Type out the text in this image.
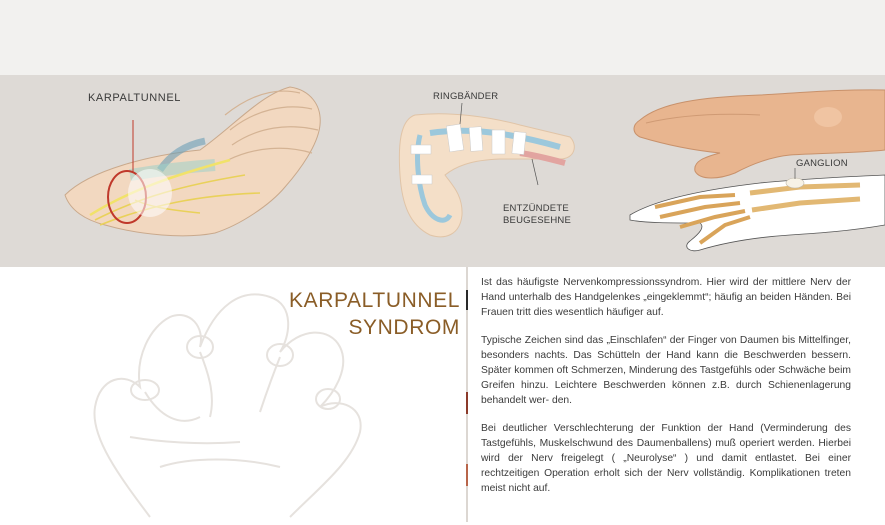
KARPALTUNNEL	RINGBÄNDER
ENTZÜNDETE
BEUGESEHNE
GANGLION
KARPALTUNNEL
SYNDROM

Ist das häufigste Nervenkompressionssyndrom. Hier wird der mittlere Nerv der Hand unterhalb des Handgelenkes „eingeklemmt“; häufig an beiden Händen. Bei Frauen tritt dies wesentlich häufiger auf.

Typische Zeichen sind das „Einschlafen“ der Finger von Daumen bis Mittelfinger, besonders nachts. Das Schütteln der Hand kann die Beschwerden bessern. Später kommen oft Schmerzen, Minderung des Tastgefühls oder Schwäche beim Greifen hinzu. Leichtere Beschwerden können z.B. durch Schienenlagerung behandelt wer- den.

Bei deutlicher Verschlechterung der Funktion der Hand (Verminderung des Tastgefühls, Muskelschwund des Daumenballens) muß operiert werden. Hierbei wird der Nerv freigelegt ( „Neurolyse“ ) und damit entlastet. Bei einer rechtzeitigen Operation erholt sich der Nerv vollständig. Komplikationen treten meist nicht auf.
